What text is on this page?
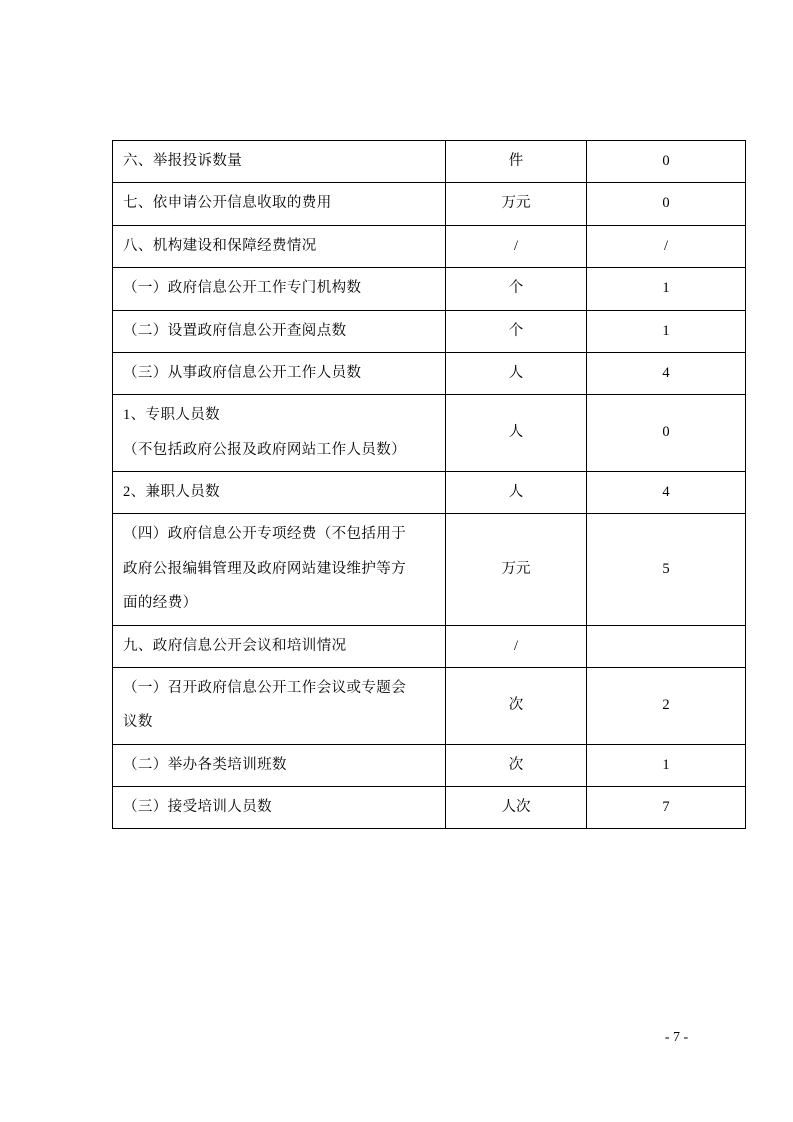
六、举报投诉数量	件	0

七、依申请公开信息收取的费用	万元	0

八、机构建设和保障经费情况	/	/

（一）政府信息公开工作专门机构数	个	1

（二）设置政府信息公开查阅点数	个	1

（三）从事政府信息公开工作人员数	人	4

1、专职人员数

（不包括政府公报及政府网站工作人员数）	人	0

2、兼职人员数	人	4

（四）政府信息公开专项经费（不包括用于

政府公报编辑管理及政府网站建设维护等方

面的经费）	万元	5

九、政府信息公开会议和培训情况	/	

（一）召开政府信息公开工作会议或专题会

议数	次	2

（二）举办各类培训班数	次	1

（三）接受培训人员数	人次	7
- 7 -
